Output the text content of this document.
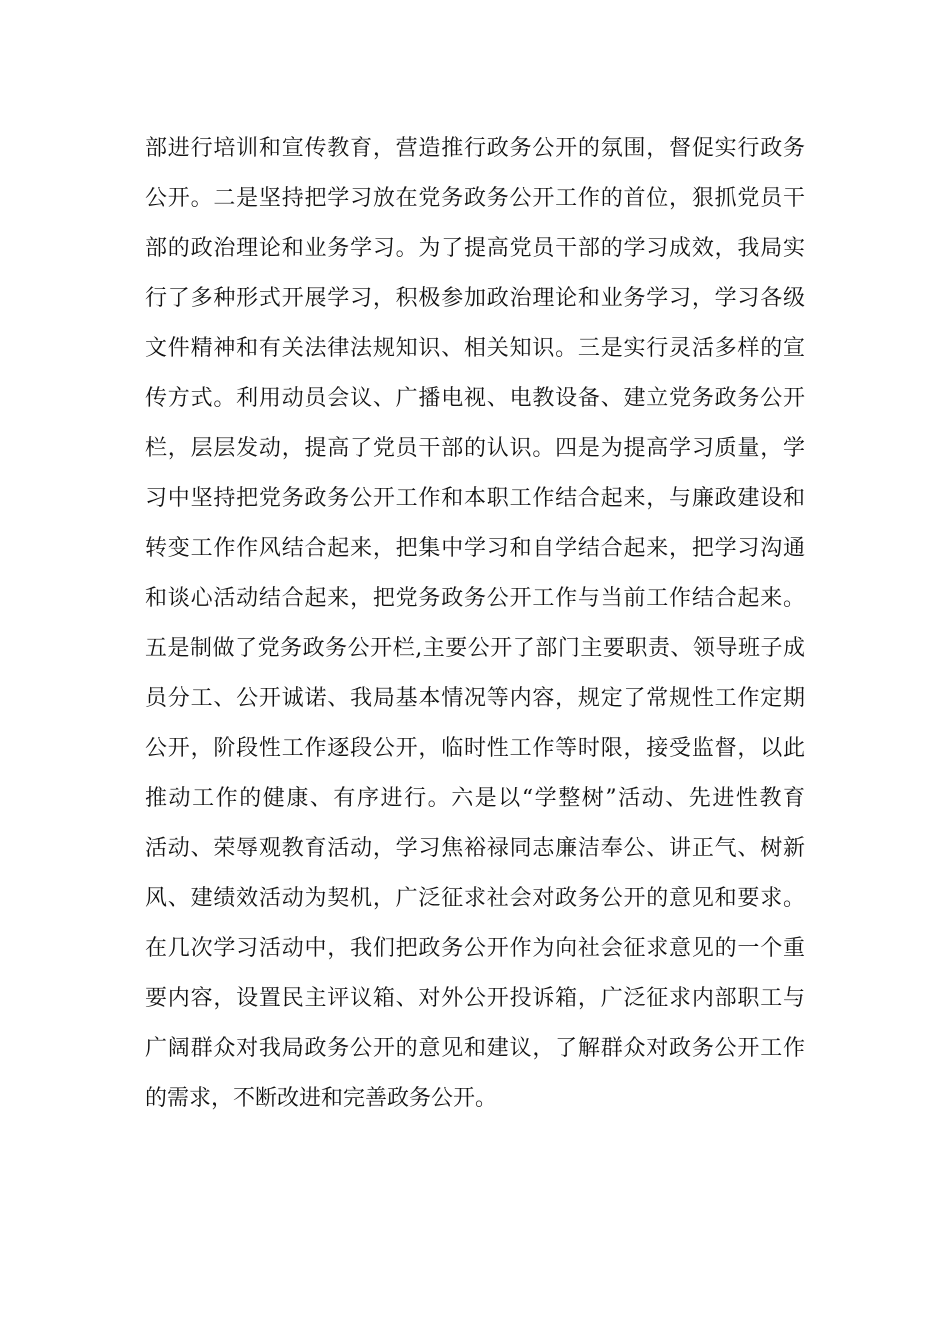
部进行培训和宣传教育，营造推行政务公开的氛围，督促实行政务
公开。二是坚持把学习放在党务政务公开工作的首位，狠抓党员干
部的政治理论和业务学习。为了提高党员干部的学习成效，我局实
行了多种形式开展学习，积极参加政治理论和业务学习，学习各级
文件精神和有关法律法规知识、相关知识。三是实行灵活多样的宣
传方式。利用动员会议、广播电视、电教设备、建立党务政务公开
栏，层层发动，提高了党员干部的认识。四是为提高学习质量，学
习中坚持把党务政务公开工作和本职工作结合起来，与廉政建设和
转变工作作风结合起来，把集中学习和自学结合起来，把学习沟通
和谈心活动结合起来，把党务政务公开工作与当前工作结合起来。
五是制做了党务政务公开栏,主要公开了部门主要职责、领导班子成
员分工、公开诚诺、我局基本情况等内容，规定了常规性工作定期
公开，阶段性工作逐段公开，临时性工作等时限，接受监督，以此
推动工作的健康、有序进行。六是以“学整树”活动、先进性教育
活动、荣辱观教育活动，学习焦裕禄同志廉洁奉公、讲正气、树新
风、建绩效活动为契机，广泛征求社会对政务公开的意见和要求。
在几次学习活动中，我们把政务公开作为向社会征求意见的一个重
要内容，设置民主评议箱、对外公开投诉箱，广泛征求内部职工与
广阔群众对我局政务公开的意见和建议，了解群众对政务公开工作
的需求，不断改进和完善政务公开。
